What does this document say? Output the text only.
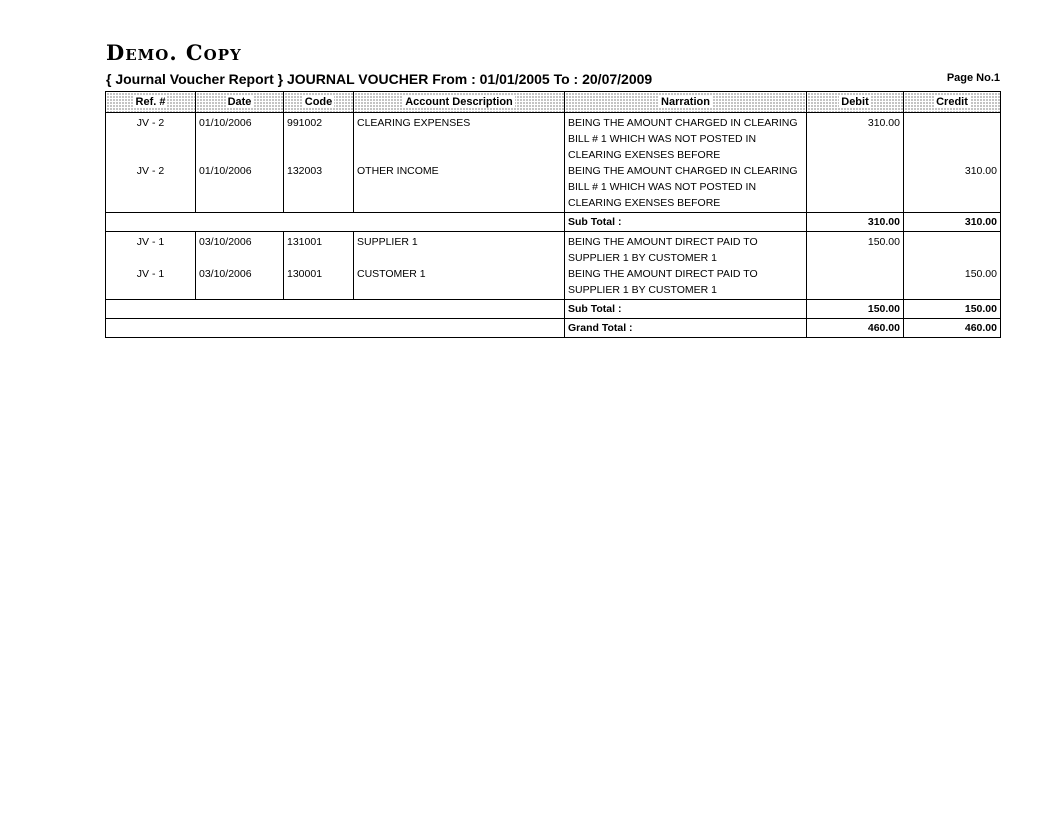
Demo. Copy
{ Journal Voucher Report } JOURNAL VOUCHER From : 01/01/2005 To : 20/07/2009	Page No.1
Ref. #	Date	Code	Account Description	Narration	Debit	Credit
JV - 2	01/10/2006	991002	CLEARING EXPENSES	BEING THE AMOUNT CHARGED IN CLEARING BILL # 1 WHICH WAS NOT POSTED IN CLEARING EXENSES BEFORE	310.00	
JV - 2	01/10/2006	132003	OTHER INCOME	BEING THE AMOUNT CHARGED IN CLEARING BILL # 1 WHICH WAS NOT POSTED IN CLEARING EXENSES BEFORE		310.00
				Sub Total :	310.00	310.00
JV - 1	03/10/2006	131001	SUPPLIER 1	BEING THE AMOUNT DIRECT PAID TO SUPPLIER 1 BY CUSTOMER 1	150.00	
JV - 1	03/10/2006	130001	CUSTOMER 1	BEING THE AMOUNT DIRECT PAID TO SUPPLIER 1 BY CUSTOMER 1		150.00
				Sub Total :	150.00	150.00
				Grand Total :	460.00	460.00
